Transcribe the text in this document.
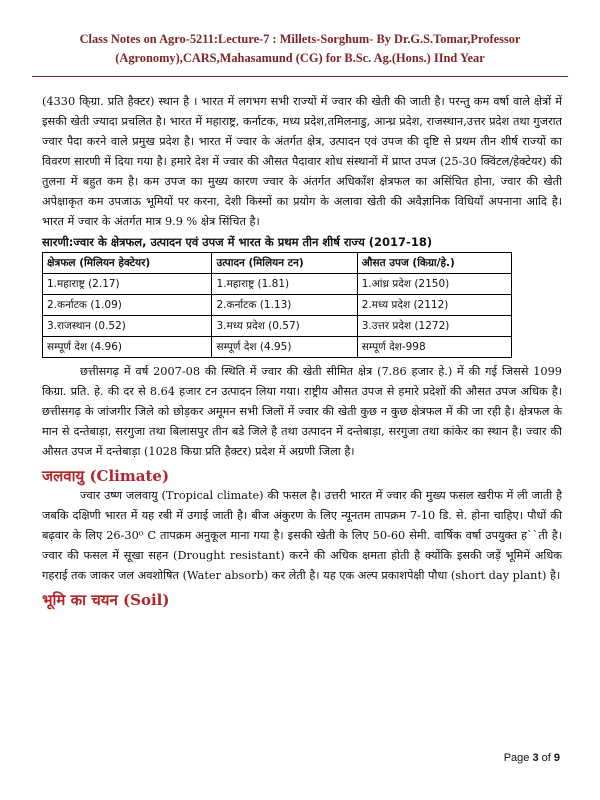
Class Notes on Agro-5211:Lecture-7 : Millets-Sorghum- By Dr.G.S.Tomar,Professor
(Agronomy),CARS,Mahasamund (CG) for B.Sc. Ag.(Hons.) IInd Year

(4330 कि्ग्रा. प्रति हैक्टर) स्थान है । भारत में लगभग सभी राज्यों में ज्वार की खेती की जाती है। परन्तु कम वर्षा वाले क्षेत्रों में इसकी खेती ज्यादा प्रचलित है। भारत में महाराष्ट्र, कर्नाटक, मध्य प्रदेश,तमिलनाडु, आन्ध्र प्रदेश, राजस्थान,उत्तर प्रदेश तथा गुजरात ज्वार पैदा करने वाले प्रमुख प्रदेश है। भारत में ज्वार के अंतर्गत क्षेत्र, उत्पादन एवं उपज की दृष्टि से प्रथम तीन शीर्ष राज्यों का विवरण सारणी में दिया गया है। हमारे देश में ज्वार की औसत पैदावार शोध संस्थानों में प्राप्त उपज (25-30 क्विंटल/हेक्टेयर) की तुलना में बहुत कम है। कम उपज का मुख्य कारण ज्वार के अंतर्गत अधिकाँश क्षेत्रफल का असिंचित होना, ज्वार की खेती अपेक्षाकृत कम उपजाऊ भूमियों पर करना, देशी किस्मों का प्रयोग के अलावा खेती की अवैज्ञानिक विधियाँ अपनाना आदि है। भारत में ज्वार के अंतर्गत मात्र 9.9 % क्षेत्र सिंचित है।

सारणी:ज्वार के क्षेत्रफल, उत्पादन एवं उपज में भारत के प्रथम तीन शीर्ष राज्य (2017-18)
क्षेत्रफल (मिलियन हेक्टेयर)	उत्पादन (मिलियन टन)	औसत उपज (किग्रा/हे.)
1.महाराष्ट्र (2.17)	1.महाराष्ट्र (1.81)	1.आंध्र प्रदेश (2150)
2.कर्नाटक (1.09)	2.कर्नाटक (1.13)	2.मध्य प्रदेश (2112)
3.राजस्थान (0.52)	3.मध्य प्रदेश (0.57)	3.उत्तर प्रदेश (1272)
सम्पूर्ण देश (4.96)	सम्पूर्ण देश (4.95)	सम्पूर्ण देश-998

छत्तीसगढ़ में वर्ष 2007-08 की स्थिति में ज्वार की खेती सीमित क्षेत्र (7.86 हजार हे.) में की गई जिससे 1099 किग्रा. प्रति. हे. की दर से 8.64 हजार टन उत्पादन लिया गया। राष्ट्रीय औसत उपज से हमारे प्रदेशों की औसत उपज अधिक है। छत्तीसगढ़ के जांजगीर जिले को छोड़कर अमूमन सभी जिलों में ज्वार की खेती कुछ न कुछ क्षेत्रफल में की जा रही है। क्षेत्रफल के मान से दन्तेबाड़ा, सरगुजा तथा बिलासपुर तीन बडे जिले है तथा उत्पादन में दन्तेबाड़ा, सरगुजा तथा कांकेर का स्थान है। ज्वार की औसत उपज में दन्तेबाड़ा (1028 किग्रा प्रति हैक्टर) प्रदेश में अग्रणी जिला है।

जलवायु (Climate)

ज्वार उष्ण जलवायु (Tropical climate) की फसल है। उत्तरी भारत में ज्वार की मुख्य फसल खरीफ में ली जाती है जबकि दक्षिणी भारत में यह रबी में उगाई जाती है। बीज अंकुरण के लिए न्यूनतम तापक्रम 7-10 डि. से. होना चाहिए। पौधों की बढ़वार के लिए 26-30⁰ C तापक्रम अनुकूल माना गया है। इसकी खेती के लिए 50-60 सेमी. वार्षिक वर्षा उपयुक्त ह``ती है। ज्वार की फसल में सूखा सहन (Drought resistant) करने की अधिक क्षमता होती है क्योंकि इसकी जड़ें भूमिमें अधिक गहराई तक जाकर जल अवशोषित (Water absorb) कर लेती है। यह एक अल्प प्रकाशपेक्षी पौधा (short day plant) है।

भूमि का चयन (Soil)
Page 3 of 9
